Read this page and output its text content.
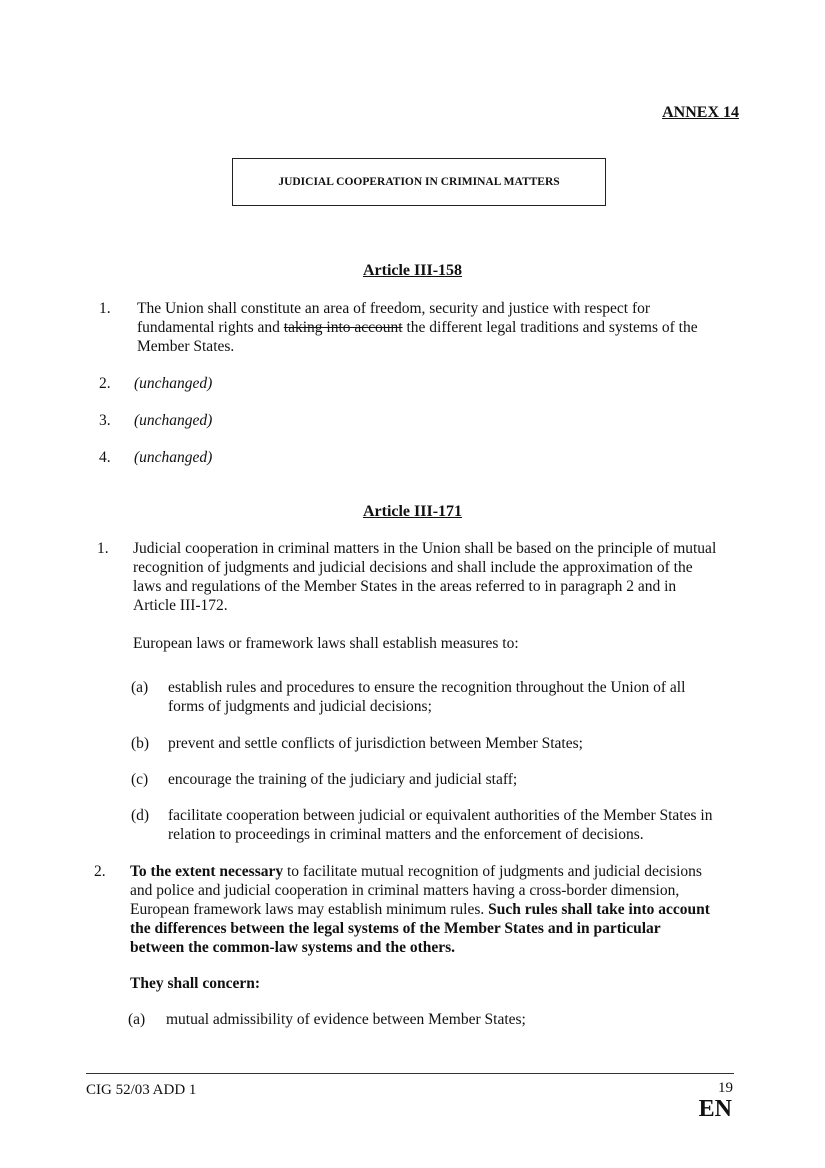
ANNEX 14
JUDICIAL COOPERATION IN CRIMINAL MATTERS
Article III-158
1.	The Union shall constitute an area of freedom, security and justice with respect for
fundamental rights and taking into account the different legal traditions and systems of the
Member States.
2.	(unchanged)
3.	(unchanged)
4.	(unchanged)
Article III-171
1.	Judicial cooperation in criminal matters in the Union shall be based on the principle of mutual
recognition of judgments and judicial decisions and shall include the approximation of the
laws and regulations of the Member States in the areas referred to in paragraph 2 and in
Article III-172.
European laws or framework laws shall establish measures to:
(a) establish rules and procedures to ensure the recognition throughout the Union of all
forms of judgments and judicial decisions;
(b) prevent and settle conflicts of jurisdiction between Member States;
(c) encourage the training of the judiciary and judicial staff;
(d) facilitate cooperation between judicial or equivalent authorities of the Member States in
relation to proceedings in criminal matters and the enforcement of decisions.
2.	To the extent necessary to facilitate mutual recognition of judgments and judicial decisions
and police and judicial cooperation in criminal matters having a cross-border dimension,
European framework laws may establish minimum rules. Such rules shall take into account
the differences between the legal systems of the Member States and in particular
between the common-law systems and the others.
They shall concern:
(a) mutual admissibility of evidence between Member States;
CIG 52/03 ADD 1	19
EN
